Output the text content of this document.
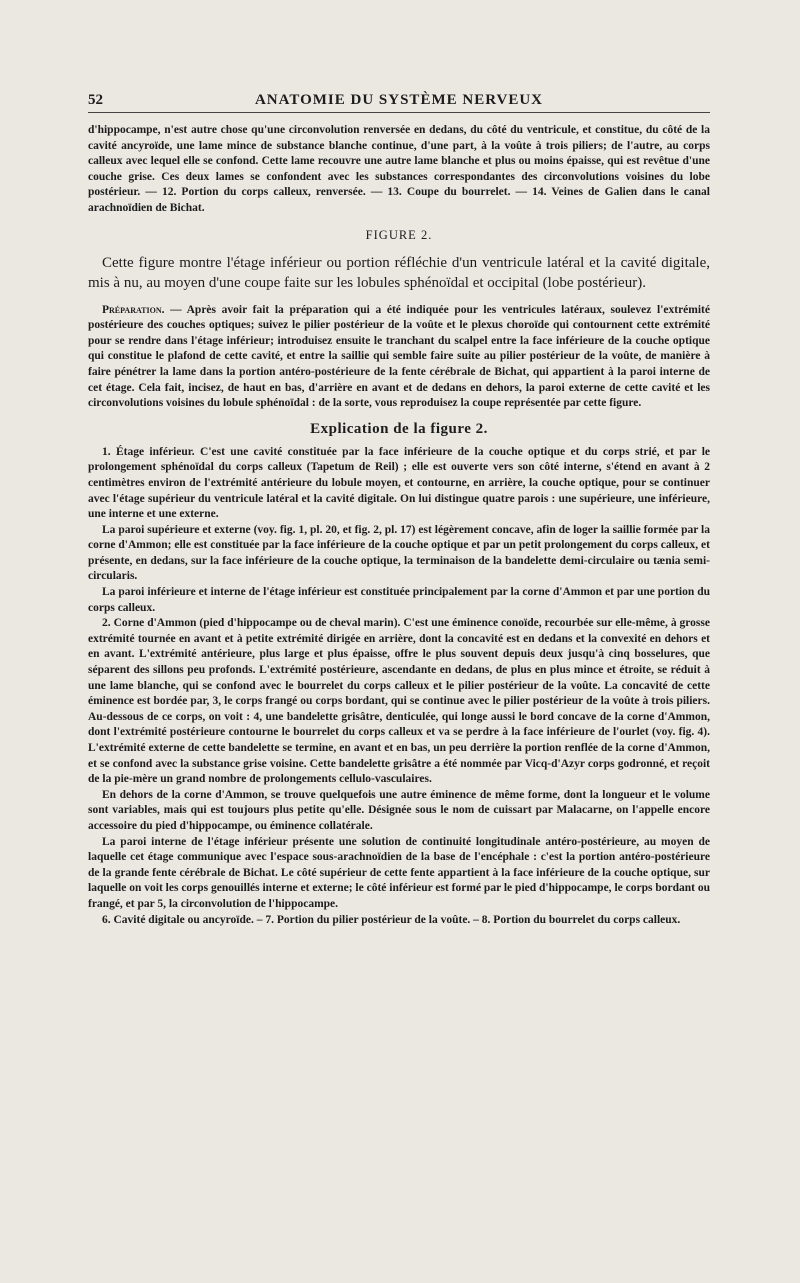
52	ANATOMIE DU SYSTÈME NERVEUX

d'hippocampe, n'est autre chose qu'une circonvolution renversée en dedans, du côté du ventricule, et constitue, du côté de la cavité ancyroïde, une lame mince de substance blanche continue, d'une part, à la voûte à trois piliers; de l'autre, au corps calleux avec lequel elle se confond. Cette lame recouvre une autre lame blanche et plus ou moins épaisse, qui est revêtue d'une couche grise. Ces deux lames se confondent avec les substances correspondantes des circonvolutions voisines du lobe postérieur. — 12. Portion du corps calleux, renversée. — 13. Coupe du bourrelet. — 14. Veines de Galien dans le canal arachnoïdien de Bichat.

FIGURE 2.

Cette figure montre l'étage inférieur ou portion réfléchie d'un ventricule latéral et la cavité digitale, mis à nu, au moyen d'une coupe faite sur les lobules sphénoïdal et occipital (lobe postérieur).

Préparation. — Après avoir fait la préparation qui a été indiquée pour les ventricules latéraux, soulevez l'extrémité postérieure des couches optiques; suivez le pilier postérieur de la voûte et le plexus choroïde qui contournent cette extrémité pour se rendre dans l'étage inférieur; introduisez ensuite le tranchant du scalpel entre la face inférieure de la couche optique qui constitue le plafond de cette cavité, et entre la saillie qui semble faire suite au pilier postérieur de la voûte, de manière à faire pénétrer la lame dans la portion antéro-postérieure de la fente cérébrale de Bichat, qui appartient à la paroi interne de cet étage. Cela fait, incisez, de haut en bas, d'arrière en avant et de dedans en dehors, la paroi externe de cette cavité et les circonvolutions voisines du lobule sphénoïdal : de la sorte, vous reproduisez la coupe représentée par cette figure.

Explication de la figure 2.

1. Étage inférieur. C'est une cavité constituée par la face inférieure de la couche optique et du corps strié, et par le prolongement sphénoïdal du corps calleux (Tapetum de Reil) ; elle est ouverte vers son côté interne, s'étend en avant à 2 centimètres environ de l'extrémité antérieure du lobule moyen, et contourne, en arrière, la couche optique, pour se continuer avec l'étage supérieur du ventricule latéral et la cavité digitale. On lui distingue quatre parois : une supérieure, une inférieure, une interne et une externe.

La paroi supérieure et externe (voy. fig. 1, pl. 20, et fig. 2, pl. 17) est légèrement concave, afin de loger la saillie formée par la corne d'Ammon; elle est constituée par la face inférieure de la couche optique et par un petit prolongement du corps calleux, et présente, en dedans, sur la face inférieure de la couche optique, la terminaison de la bandelette demi-circulaire ou tænia semi-circularis.

La paroi inférieure et interne de l'étage inférieur est constituée principalement par la corne d'Ammon et par une portion du corps calleux.

2. Corne d'Ammon (pied d'hippocampe ou de cheval marin). C'est une éminence conoïde, recourbée sur elle-même, à grosse extrémité tournée en avant et à petite extrémité dirigée en arrière, dont la concavité est en dedans et la convexité en dehors et en avant. L'extrémité antérieure, plus large et plus épaisse, offre le plus souvent depuis deux jusqu'à cinq bosselures, que séparent des sillons peu profonds. L'extrémité postérieure, ascendante en dedans, de plus en plus mince et étroite, se réduit à une lame blanche, qui se confond avec le bourrelet du corps calleux et le pilier postérieur de la voûte. La concavité de cette éminence est bordée par, 3, le corps frangé ou corps bordant, qui se continue avec le pilier postérieur de la voûte à trois piliers. Au-dessous de ce corps, on voit : 4, une bandelette grisâtre, denticulée, qui longe aussi le bord concave de la corne d'Ammon, dont l'extrémité postérieure contourne le bourrelet du corps calleux et va se perdre à la face inférieure de l'ourlet (voy. fig. 4). L'extrémité externe de cette bandelette se termine, en avant et en bas, un peu derrière la portion renflée de la corne d'Ammon, et se confond avec la substance grise voisine. Cette bandelette grisâtre a été nommée par Vicq-d'Azyr corps godronné, et reçoit de la pie-mère un grand nombre de prolongements cellulo-vasculaires.

En dehors de la corne d'Ammon, se trouve quelquefois une autre éminence de même forme, dont la longueur et le volume sont variables, mais qui est toujours plus petite qu'elle. Désignée sous le nom de cuissart par Malacarne, on l'appelle encore accessoire du pied d'hippocampe, ou éminence collatérale.

La paroi interne de l'étage inférieur présente une solution de continuité longitudinale antéro-postérieure, au moyen de laquelle cet étage communique avec l'espace sous-arachnoïdien de la base de l'encéphale : c'est la portion antéro-postérieure de la grande fente cérébrale de Bichat. Le côté supérieur de cette fente appartient à la face inférieure de la couche optique, sur laquelle on voit les corps genouillés interne et externe; le côté inférieur est formé par le pied d'hippocampe, le corps bordant ou frangé, et par 5, la circonvolution de l'hippocampe.

6. Cavité digitale ou ancyroïde. – 7. Portion du pilier postérieur de la voûte. – 8. Portion du bourrelet du corps calleux.
